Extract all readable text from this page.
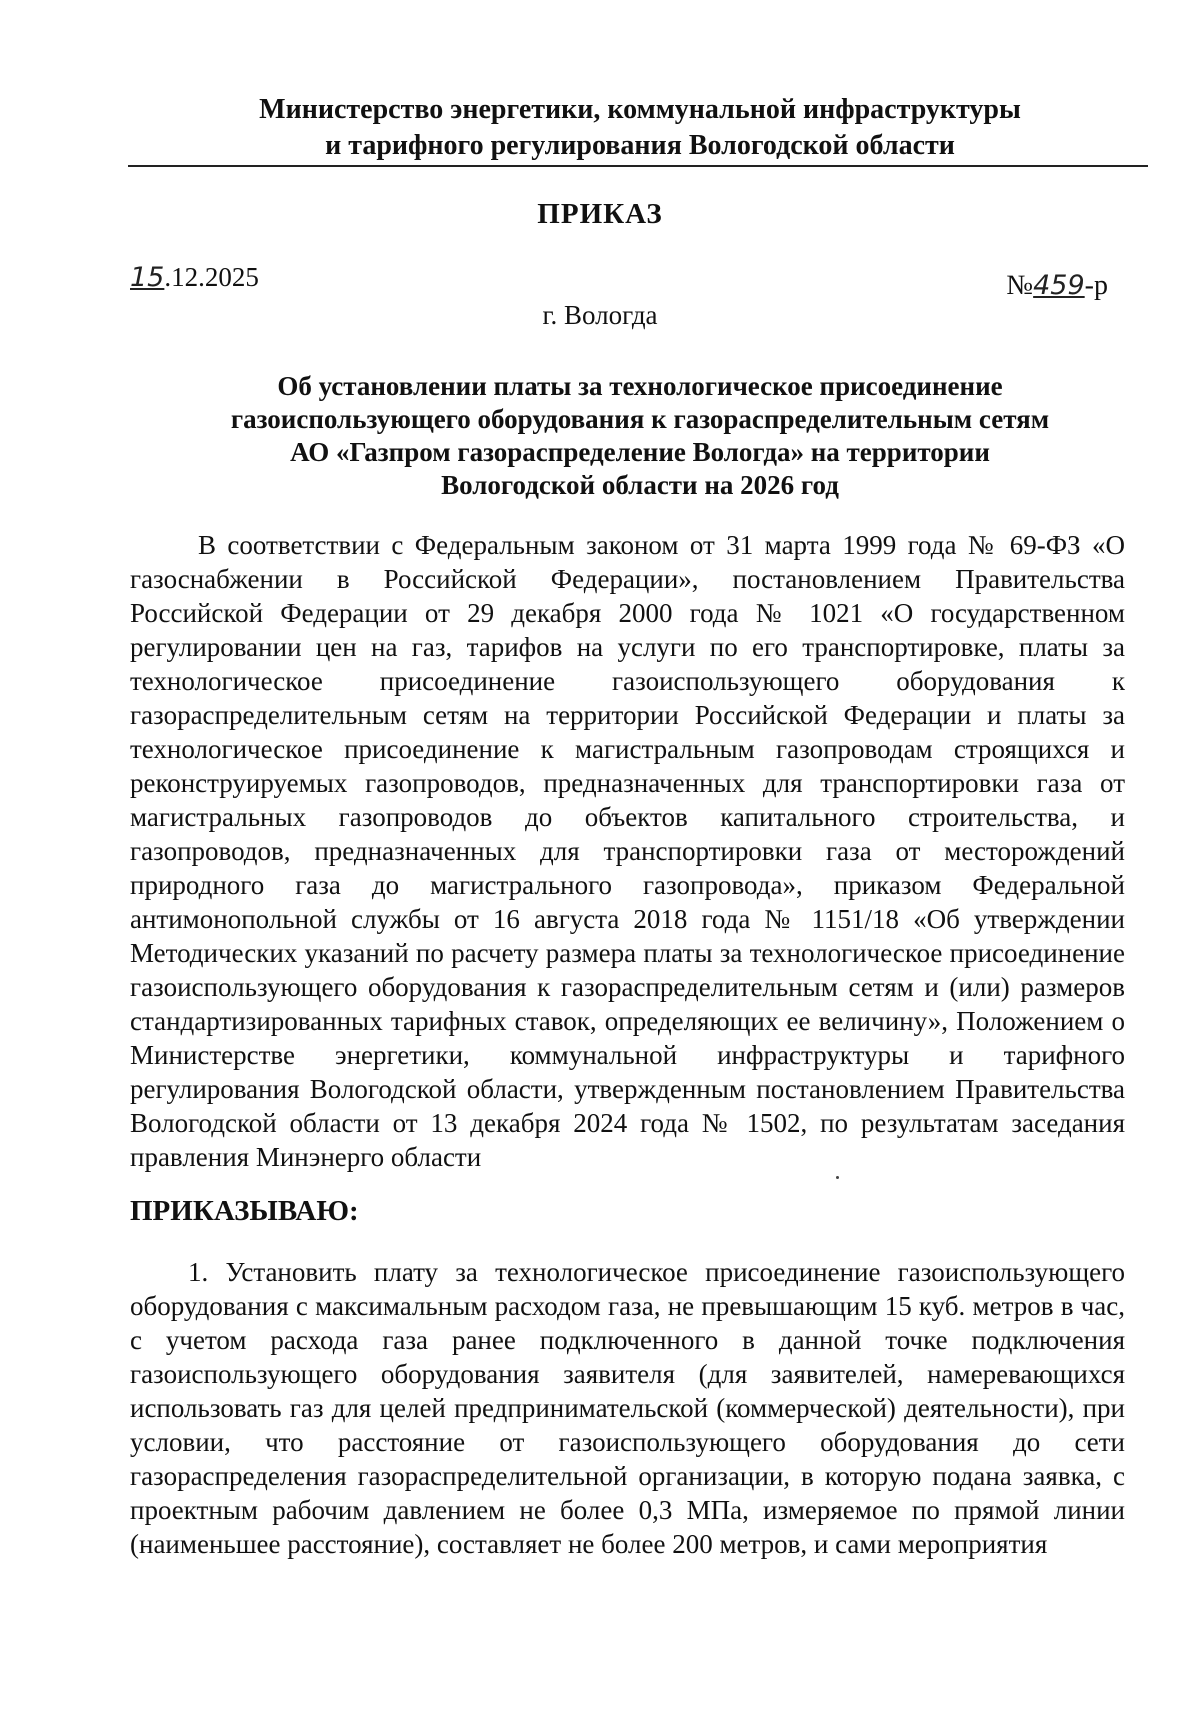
Министерство энергетики, коммунальной инфраструктуры
и тарифного регулирования Вологодской области
ПРИКАЗ
15.12.2025	№459-р
г. Вологда
Об установлении платы за технологическое присоединение
газоиспользующего оборудования к газораспределительным сетям
АО «Газпром газораспределение Вологда» на территории
Вологодской области на 2026 год
В соответствии с Федеральным законом от 31 марта 1999 года № 69-ФЗ «О газоснабжении в Российской Федерации», постановлением Правительства Российской Федерации от 29 декабря 2000 года № 1021 «О государственном регулировании цен на газ, тарифов на услуги по его транспортировке, платы за технологическое присоединение газоиспользующего оборудования к газораспределительным сетям на территории Российской Федерации и платы за технологическое присоединение к магистральным газопроводам строящихся и реконструируемых газопроводов, предназначенных для транспортировки газа от магистральных газопроводов до объектов капитального строительства, и газопроводов, предназначенных для транспортировки газа от месторождений природного газа до магистрального газопровода», приказом Федеральной антимонопольной службы от 16 августа 2018 года № 1151/18 «Об утверждении Методических указаний по расчету размера платы за технологическое присоединение газоиспользующего оборудования к газораспределительным сетям и (или) размеров стандартизированных тарифных ставок, определяющих ее величину», Положением о Министерстве энергетики, коммунальной инфраструктуры и тарифного регулирования Вологодской области, утвержденным постановлением Правительства Вологодской области от 13 декабря 2024 года № 1502, по результатам заседания правления Минэнерго области
ПРИКАЗЫВАЮ:
1. Установить плату за технологическое присоединение газоиспользующего оборудования с максимальным расходом газа, не превышающим 15 куб. метров в час, с учетом расхода газа ранее подключенного в данной точке подключения газоиспользующего оборудования заявителя (для заявителей, намеревающихся использовать газ для целей предпринимательской (коммерческой) деятельности), при условии, что расстояние от газоиспользующего оборудования до сети газораспределения газораспределительной организации, в которую подана заявка, с проектным рабочим давлением не более 0,3 МПа, измеряемое по прямой линии (наименьшее расстояние), составляет не более 200 метров, и сами мероприятия
